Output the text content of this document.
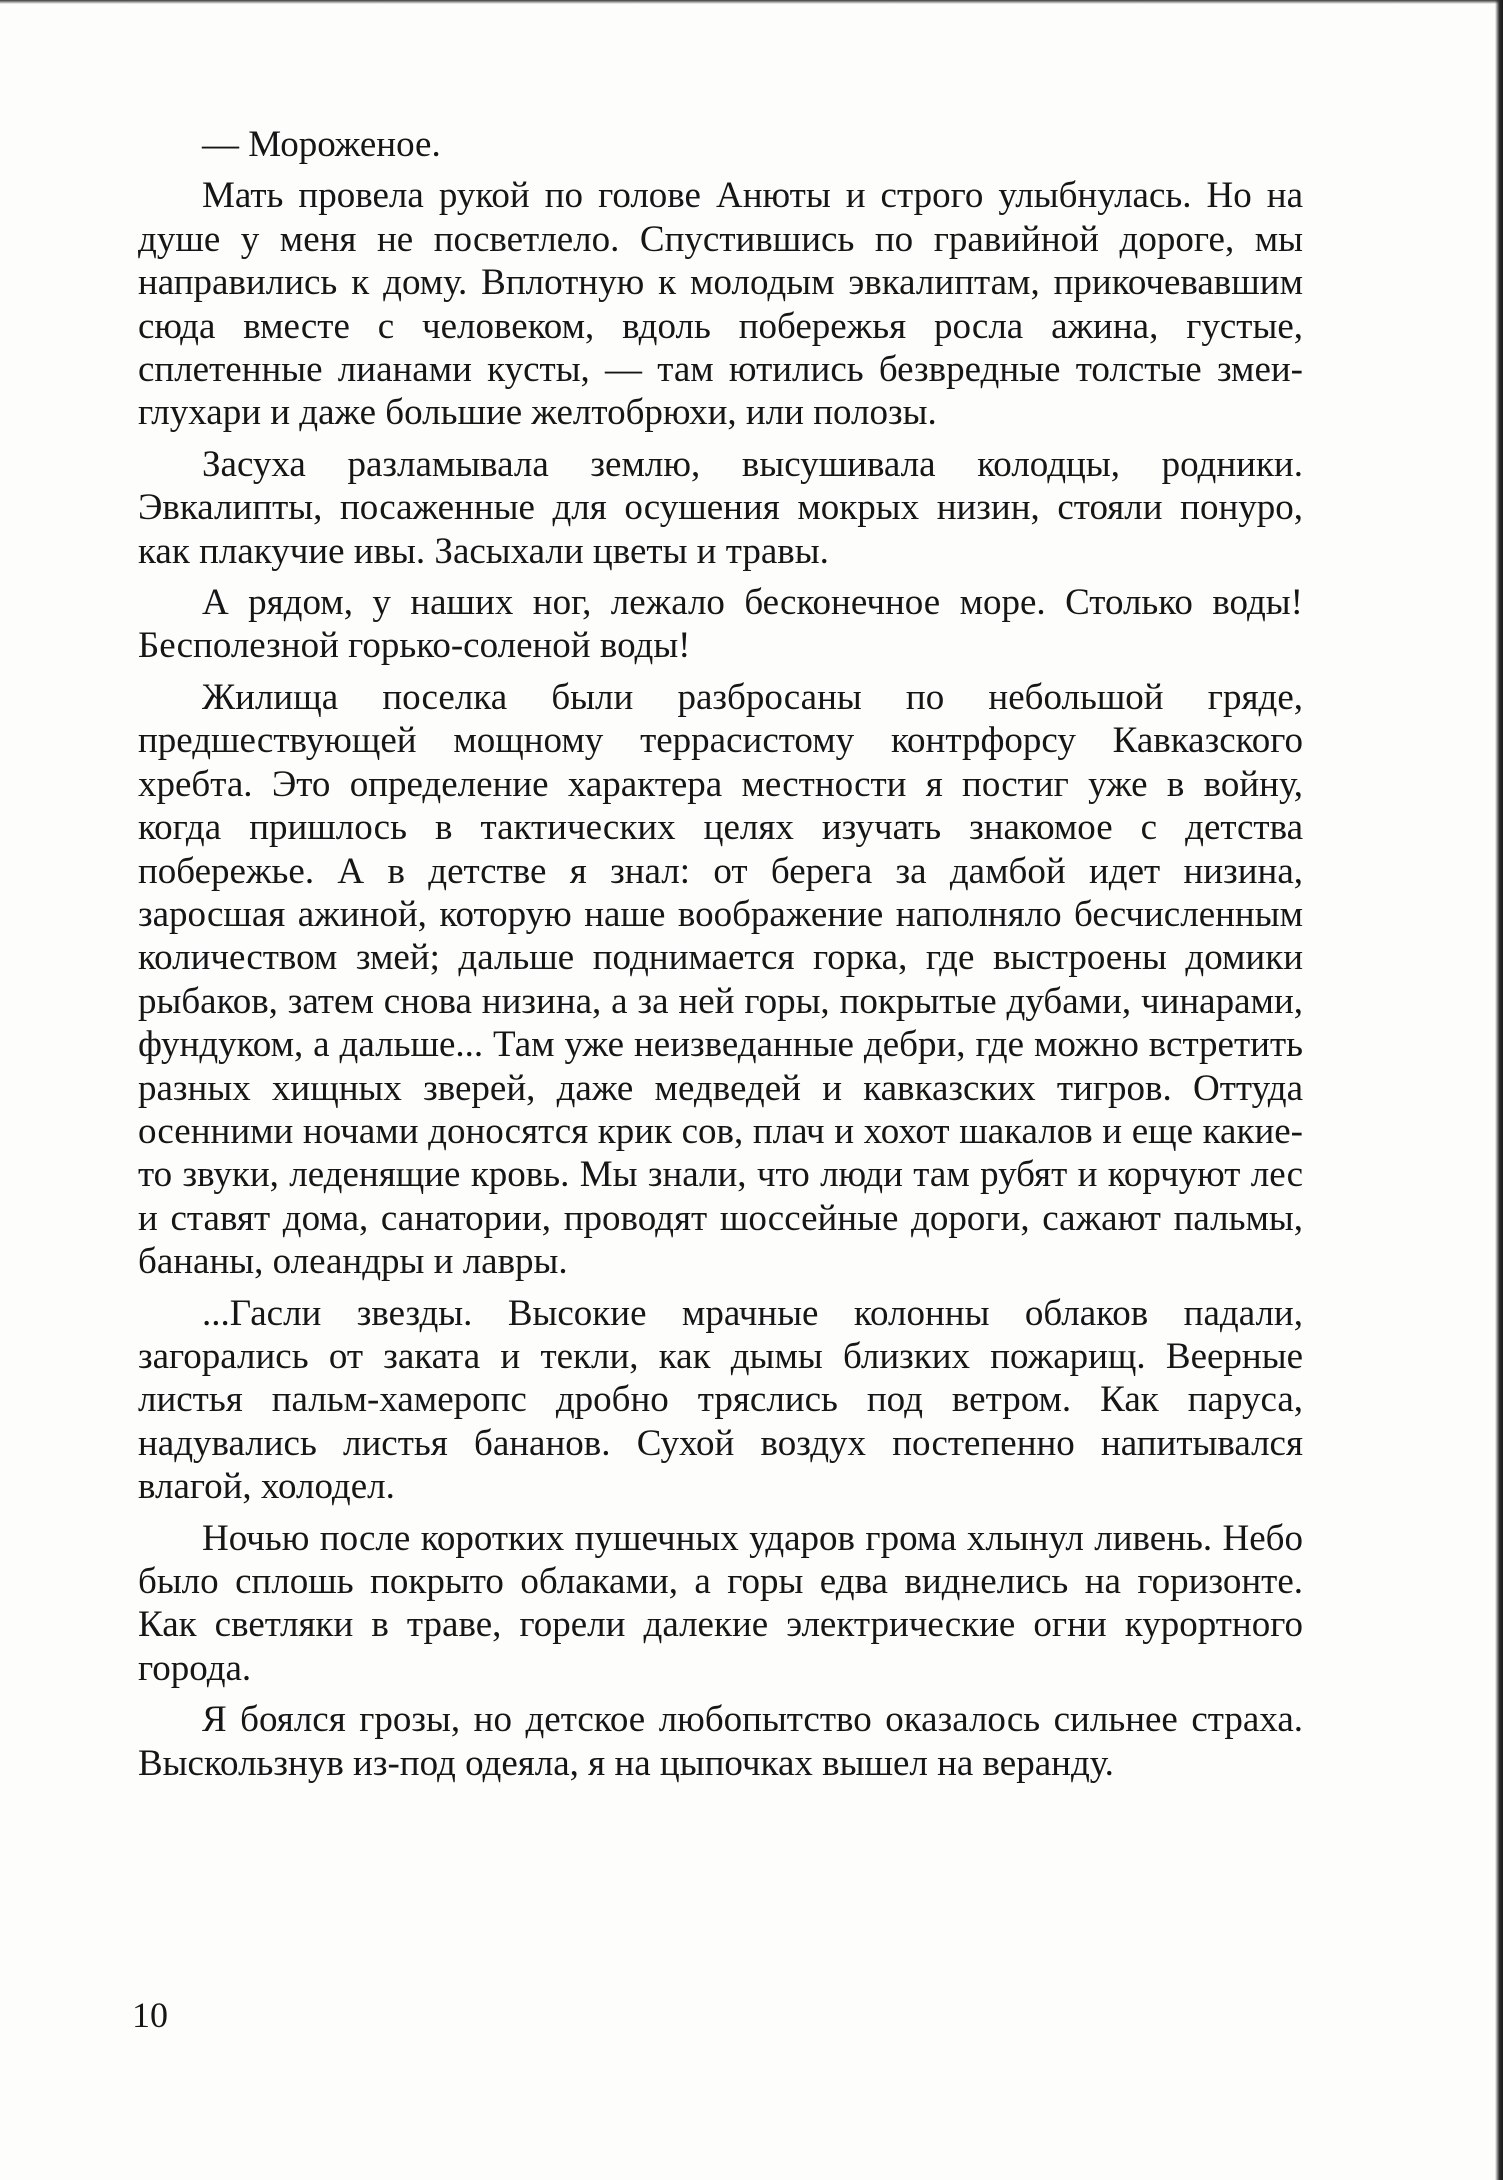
— Мороженое.

Мать провела рукой по голове Анюты и строго улыбнулась. Но на душе у меня не посветлело. Спустившись по гравийной дороге, мы направились к дому. Вплотную к молодым эвкалиптам, прикочевавшим сюда вместе с человеком, вдоль побережья росла ажина, густые, сплетенные лианами кусты, — там ютились безвредные толстые змеи-глухари и даже большие желтобрюхи, или полозы.

Засуха разламывала землю, высушивала колодцы, родники. Эвкалипты, посаженные для осушения мокрых низин, стояли понуро, как плакучие ивы. Засыхали цветы и травы.

А рядом, у наших ног, лежало бесконечное море. Столько воды! Бесполезной горько-соленой воды!

Жилища поселка были разбросаны по небольшой гряде, предшествующей мощному террасистому контрфорсу Кавказского хребта. Это определение характера местности я постиг уже в войну, когда пришлось в тактических целях изучать знакомое с детства побережье. А в детстве я знал: от берега за дамбой идет низина, заросшая ажиной, которую наше воображение наполняло бесчисленным количеством змей; дальше поднимается горка, где выстроены домики рыбаков, затем снова низина, а за ней горы, покрытые дубами, чинарами, фундуком, а дальше... Там уже неизведанные дебри, где можно встретить разных хищных зверей, даже медведей и кавказских тигров. Оттуда осенними ночами доносятся крик сов, плач и хохот шакалов и еще какие-то звуки, леденящие кровь. Мы знали, что люди там рубят и корчуют лес и ставят дома, санатории, проводят шоссейные дороги, сажают пальмы, бананы, олеандры и лавры.

...Гасли звезды. Высокие мрачные колонны облаков падали, загорались от заката и текли, как дымы близких пожарищ. Веерные листья пальм-хамеропс дробно тряслись под ветром. Как паруса, надувались листья бананов. Сухой воздух постепенно напитывался влагой, холодел.

Ночью после коротких пушечных ударов грома хлынул ливень. Небо было сплошь покрыто облаками, а горы едва виднелись на горизонте. Как светляки в траве, горели далекие электрические огни курортного города.

Я боялся грозы, но детское любопытство оказалось сильнее страха. Выскользнув из-под одеяла, я на цыпочках вышел на веранду.

10
